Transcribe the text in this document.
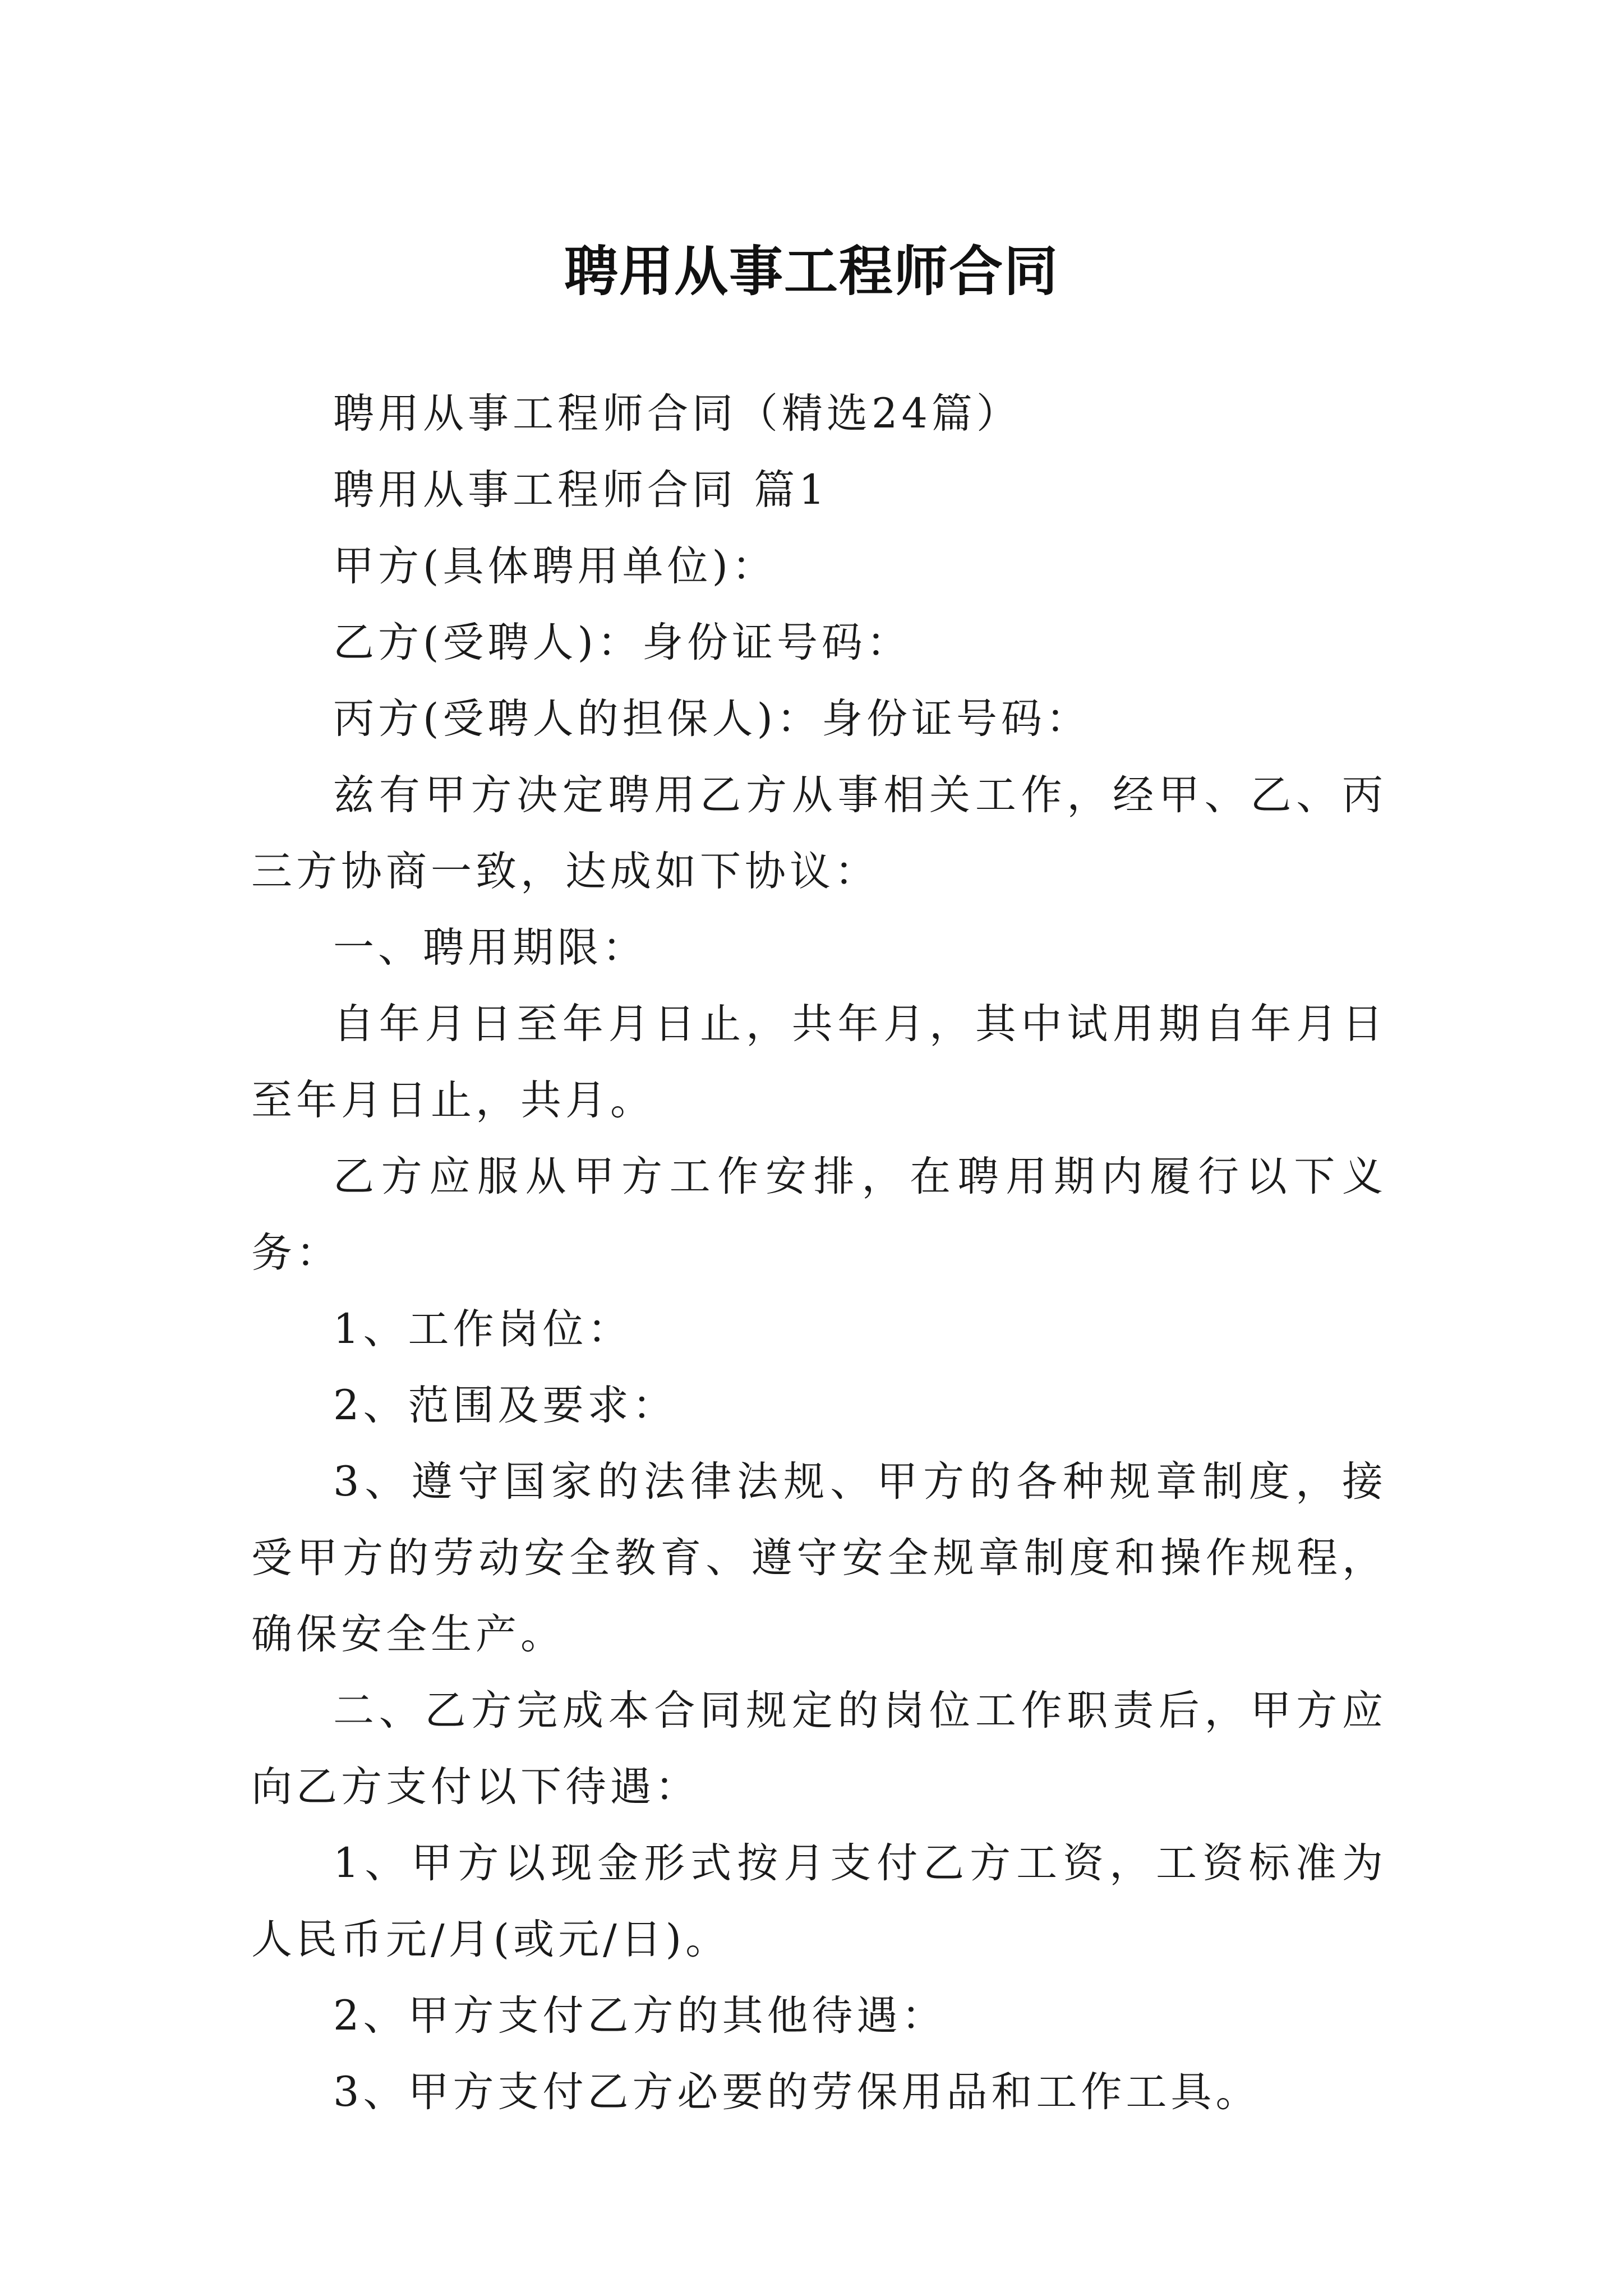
聘用从事工程师合同

聘用从事工程师合同（精选24篇）

聘用从事工程师合同 篇1

甲方(具体聘用单位)：

乙方(受聘人)：身份证号码：

丙方(受聘人的担保人)：身份证号码：

兹有甲方决定聘用乙方从事相关工作，经甲、乙、丙三方协商一致，达成如下协议：

一、聘用期限：

自年月日至年月日止，共年月，其中试用期自年月日至年月日止，共月。

乙方应服从甲方工作安排，在聘用期内履行以下义务：

1、工作岗位：

2、范围及要求：

3、遵守国家的法律法规、甲方的各种规章制度，接受甲方的劳动安全教育、遵守安全规章制度和操作规程，确保安全生产。

二、乙方完成本合同规定的岗位工作职责后，甲方应向乙方支付以下待遇：

1、甲方以现金形式按月支付乙方工资，工资标准为人民币元/月(或元/日)。

2、甲方支付乙方的其他待遇：

3、甲方支付乙方必要的劳保用品和工作工具。
